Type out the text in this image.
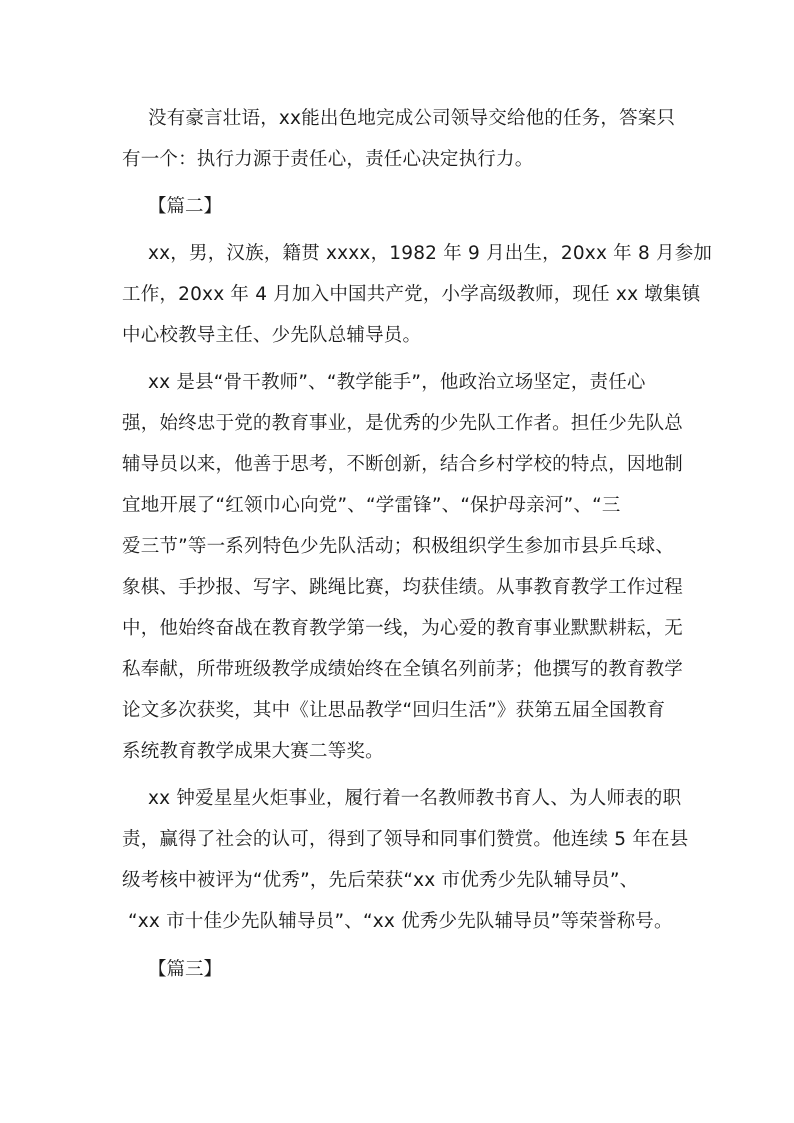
没有豪言壮语，xx能出色地完成公司领导交给他的任务，答案只
有一个：执行力源于责任心，责任心决定执行力。
【篇二】
xx，男，汉族，籍贯 xxxx，1982 年 9 月出生，20xx 年 8 月参加
工作，20xx 年 4 月加入中国共产党，小学高级教师，现任 xx 墩集镇
中心校教导主任、少先队总辅导员。
xx 是县“骨干教师”、“教学能手”，他政治立场坚定，责任心
强，始终忠于党的教育事业，是优秀的少先队工作者。担任少先队总
辅导员以来，他善于思考，不断创新，结合乡村学校的特点，因地制
宜地开展了“红领巾心向党”、“学雷锋”、“保护母亲河”、“三
爱三节”等一系列特色少先队活动；积极组织学生参加市县乒乓球、
象棋、手抄报、写字、跳绳比赛，均获佳绩。从事教育教学工作过程
中，他始终奋战在教育教学第一线，为心爱的教育事业默默耕耘，无
私奉献，所带班级教学成绩始终在全镇名列前茅；他撰写的教育教学
论文多次获奖，其中《让思品教学“回归生活”》获第五届全国教育
系统教育教学成果大赛二等奖。
xx 钟爱星星火炬事业，履行着一名教师教书育人、为人师表的职
责，赢得了社会的认可，得到了领导和同事们赞赏。他连续 5 年在县
级考核中被评为“优秀”，先后荣获“xx 市优秀少先队辅导员”、
“xx 市十佳少先队辅导员”、“xx 优秀少先队辅导员”等荣誉称号。
【篇三】
